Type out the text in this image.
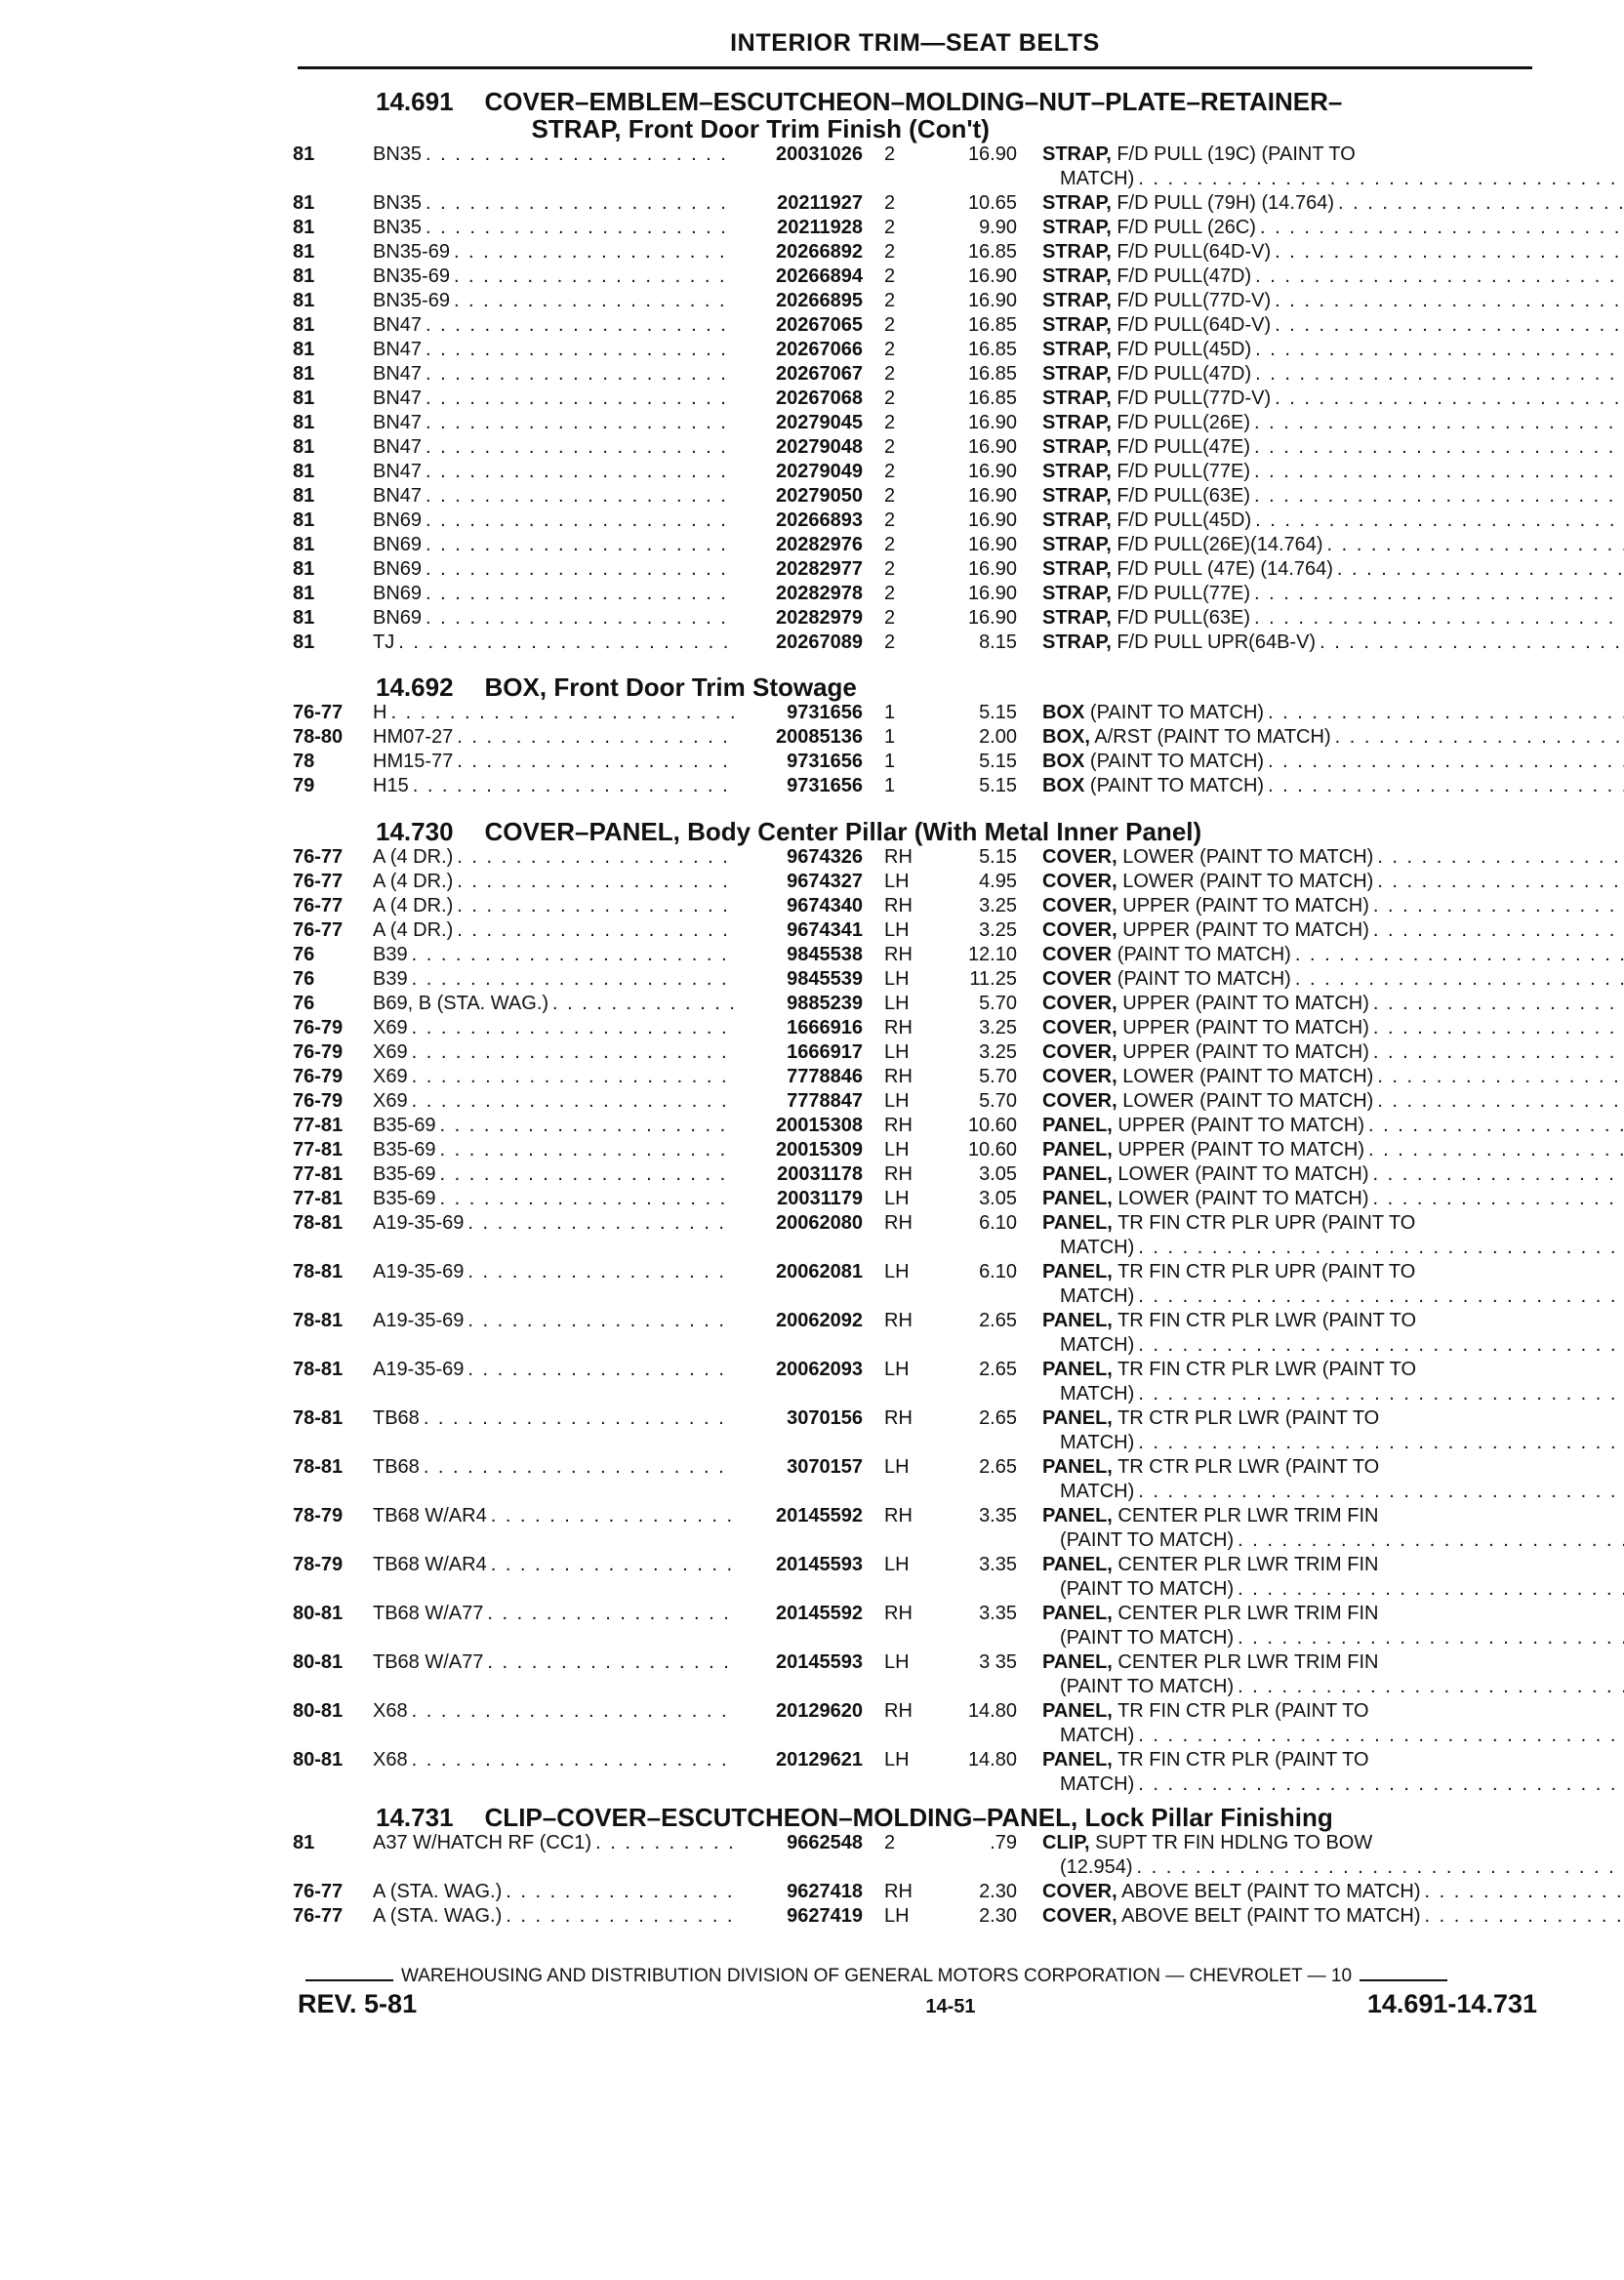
INTERIOR TRIM—SEAT BELTS
14.691 COVER–EMBLEM–ESCUTCHEON–MOLDING–NUT–PLATE–RETAINER–
STRAP, Front Door Trim Finish (Con't)
81	BN35 . . .	20031026	2	16.90 STRAP, F/D PULL (19C) (PAINT TO
MATCH)
. . .
81	BN35 . . .	20211927	2	10.65 STRAP, F/D PULL (79H) (14.764)
. . .
81	BN35 . . .	20211928	2	9.90 STRAP, F/D PULL (26C)
. . .
81	BN35-69 . . .	20266892	2	16.85 STRAP, F/D PULL(64D-V)
. . .
81	BN35-69 . . .	20266894	2	16.90 STRAP, F/D PULL(47D)
. . .
81	BN35-69 . . .	20266895	2	16.90 STRAP, F/D PULL(77D-V)
. . .
81	BN47 . . .	20267065	2	16.85 STRAP, F/D PULL(64D-V)
. . .
81	BN47 . . .	20267066	2	16.85 STRAP, F/D PULL(45D)
. . .
81	BN47 . . .	20267067	2	16.85 STRAP, F/D PULL(47D)
. . .
81	BN47 . . .	20267068	2	16.85 STRAP, F/D PULL(77D-V)
. . .
81	BN47 . . .	20279045	2	16.90 STRAP, F/D PULL(26E)
. . .
81	BN47 . . .	20279048	2	16.90 STRAP, F/D PULL(47E)
. . .
81	BN47 . . .	20279049	2	16.90 STRAP, F/D PULL(77E)
. . .
81	BN47 . . .	20279050	2	16.90 STRAP, F/D PULL(63E)
. . .
81	BN69 . . .	20266893	2	16.90 STRAP, F/D PULL(45D)
. . .
81	BN69 . . .	20282976	2	16.90 STRAP, F/D PULL(26E)(14.764)
. . .
81	BN69 . . .	20282977	2	16.90 STRAP, F/D PULL (47E) (14.764)
. . .
81	BN69 . . .	20282978	2	16.90 STRAP, F/D PULL(77E)
. . .
81	BN69 . . .	20282979	2	16.90 STRAP, F/D PULL(63E)
. . .
81	TJ . . .	20267089	2	8.15 STRAP, F/D PULL UPR(64B-V)
. . .
14.692 BOX, Front Door Trim Stowage
76-77	H . . .	9731656	1	5.15 BOX (PAINT TO MATCH)
. . .
78-80	HM07-27 . . .	20085136	1	2.00 BOX, A/RST (PAINT TO MATCH)
. . .
78	HM15-77 . . .	9731656	1	5.15 BOX (PAINT TO MATCH)
. . .
79	H15 . . .	9731656	1	5.15 BOX (PAINT TO MATCH)
. . .
14.730 COVER–PANEL, Body Center Pillar (With Metal Inner Panel)
76-77	A (4 DR.) . . .	9674326	RH	5.15 COVER, LOWER (PAINT TO MATCH)
. . .
76-77	A (4 DR.) . . .	9674327	LH	4.95 COVER, LOWER (PAINT TO MATCH)
. . .
76-77	A (4 DR.) . . .	9674340	RH	3.25 COVER, UPPER (PAINT TO MATCH)
. . .
76-77	A (4 DR.) . . .	9674341	LH	3.25 COVER, UPPER (PAINT TO MATCH)
. . .
76	B39 . . .	9845538	RH	12.10 COVER (PAINT TO MATCH)
. . .
76	B39 . . .	9845539	LH	11.25 COVER (PAINT TO MATCH)
. . .
76	B69, B (STA. WAG.) . . .	9885239	LH	5.70 COVER, UPPER (PAINT TO MATCH)
. . .
76-79	X69 . . .	1666916	RH	3.25 COVER, UPPER (PAINT TO MATCH)
. . .
76-79	X69 . . .	1666917	LH	3.25 COVER, UPPER (PAINT TO MATCH)
. . .
76-79	X69 . . .	7778846	RH	5.70 COVER, LOWER (PAINT TO MATCH)
. . .
76-79	X69 . . .	7778847	LH	5.70 COVER, LOWER (PAINT TO MATCH)
. . .
77-81	B35-69 . . .	20015308	RH	10.60 PANEL, UPPER (PAINT TO MATCH)
. . .
77-81	B35-69 . . .	20015309	LH	10.60 PANEL, UPPER (PAINT TO MATCH)
. . .
77-81	B35-69 . . .	20031178	RH	3.05 PANEL, LOWER (PAINT TO MATCH)
. . .
77-81	B35-69 . . .	20031179	LH	3.05 PANEL, LOWER (PAINT TO MATCH)
. . .
78-81	A19-35-69 . . .	20062080	RH	6.10 PANEL, TR FIN CTR PLR UPR (PAINT TO
MATCH)
. . .
78-81	A19-35-69 . . .	20062081	LH	6.10 PANEL, TR FIN CTR PLR UPR (PAINT TO
MATCH)
. . .
78-81	A19-35-69 . . .	20062092	RH	2.65 PANEL, TR FIN CTR PLR LWR (PAINT TO
MATCH)
. . .
78-81	A19-35-69 . . .	20062093	LH	2.65 PANEL, TR FIN CTR PLR LWR (PAINT TO
MATCH)
. . .
78-81	TB68 . . .	3070156	RH	2.65 PANEL, TR CTR PLR LWR (PAINT TO
MATCH)
. . .
78-81	TB68 . . .	3070157	LH	2.65 PANEL, TR CTR PLR LWR (PAINT TO
MATCH)
. . .
78-79	TB68 W/AR4 . . .	20145592	RH	3.35 PANEL, CENTER PLR LWR TRIM FIN
(PAINT TO MATCH)
. . .
78-79	TB68 W/AR4 . . .	20145593	LH	3.35 PANEL, CENTER PLR LWR TRIM FIN
(PAINT TO MATCH)
. . .
80-81	TB68 W/A77 . . .	20145592	RH	3.35 PANEL, CENTER PLR LWR TRIM FIN
(PAINT TO MATCH)
. . .
80-81	TB68 W/A77 . . .	20145593	LH	3 35 PANEL, CENTER PLR LWR TRIM FIN
(PAINT TO MATCH)
. . .
80-81	X68 . . .	20129620	RH	14.80 PANEL, TR FIN CTR PLR (PAINT TO
MATCH)
. . .
80-81	X68 . . .	20129621	LH	14.80 PANEL, TR FIN CTR PLR (PAINT TO
MATCH)
. . .
14.731 CLIP–COVER–ESCUTCHEON–MOLDING–PANEL, Lock Pillar Finishing
81	A37 W/HATCH RF (CC1) . . .	9662548	2	.79 CLIP, SUPT TR FIN HDLNG TO BOW
(12.954)
. . .
76-77	A (STA. WAG.) . . .	9627418	RH	2.30 COVER, ABOVE BELT (PAINT TO MATCH)
. . .
76-77	A (STA. WAG.) . . .	9627419	LH	2.30 COVER, ABOVE BELT (PAINT TO MATCH)
. . .
WAREHOUSING AND DISTRIBUTION DIVISION OF GENERAL MOTORS CORPORATION — CHEVROLET — 10
REV. 5-81	14-51	14.691-14.731
